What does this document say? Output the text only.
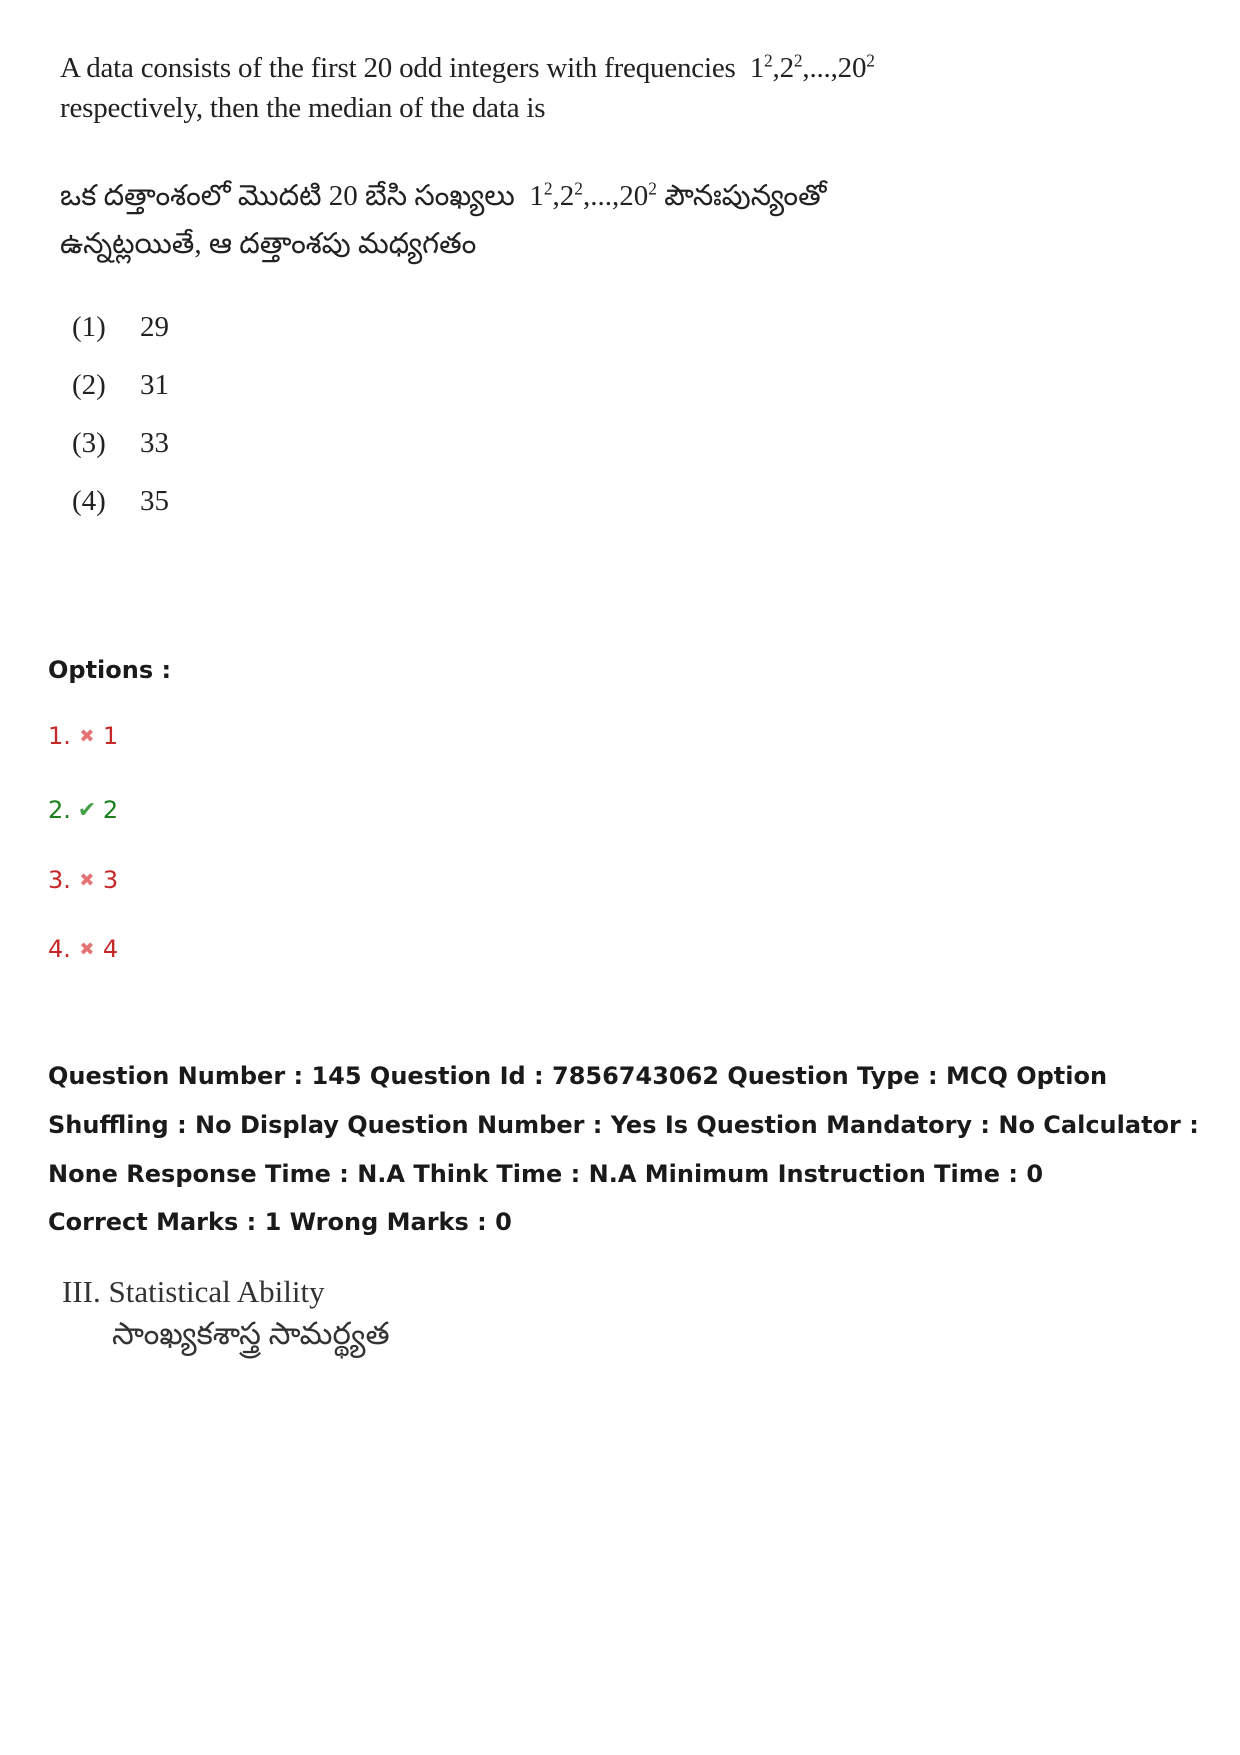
A data consists of the first 20 odd integers with frequencies $1^2,2^2,...,20^2$
respectively, then the median of the data is
ఒక దత్తాంశంలో మొదటి 20 బేసి సంఖ్యలు $1^2,2^2,...,20^2$ పౌనఃపున్యంతో
ఉన్నట్లయితే, ఆ దత్తాంశపు మధ్యగతం
(1)	29
(2)	31
(3)	33
(4)	35
Options :
1. ✖ 1
2. ✔ 2
3. ✖ 3
4. ✖ 4

Question Number : 145 Question Id : 7856743062 Question Type : MCQ Option Shuffling : No Display Question Number : Yes Is Question Mandatory : No Calculator : None Response Time : N.A Think Time : N.A Minimum Instruction Time : 0

Correct Marks : 1 Wrong Marks : 0

III. Statistical Ability
సాంఖ్యకశాస్త్ర సామర్థ్యత
